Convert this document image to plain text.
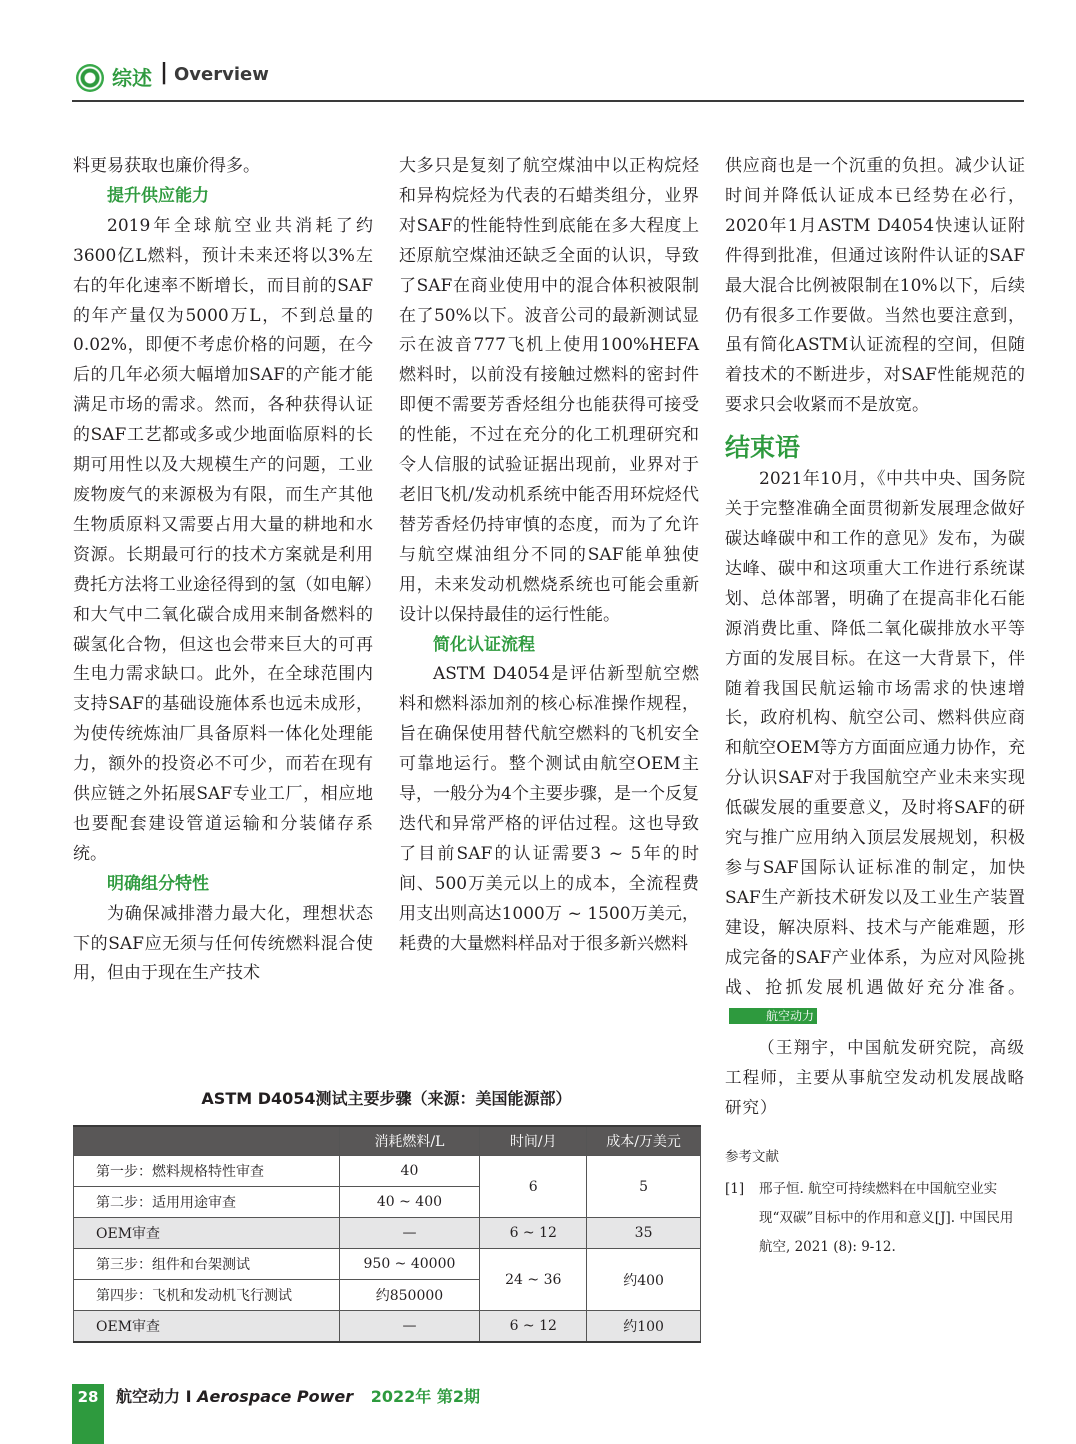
综述 | Overview

料更易获取也廉价得多。

提升供应能力

2019年全球航空业共消耗了约3600亿L燃料，预计未来还将以3%左右的年化速率不断增长，而目前的SAF的年产量仅为5000万L，不到总量的0.02%，即便不考虑价格的问题，在今后的几年必须大幅增加SAF的产能才能满足市场的需求。然而，各种获得认证的SAF工艺都或多或少地面临原料的长期可用性以及大规模生产的问题，工业废物废气的来源极为有限，而生产其他生物质原料又需要占用大量的耕地和水资源。长期最可行的技术方案就是利用费托方法将工业途径得到的氢（如电解）和大气中二氧化碳合成用来制备燃料的碳氢化合物，但这也会带来巨大的可再生电力需求缺口。此外，在全球范围内支持SAF的基础设施体系也远未成形，为使传统炼油厂具备原料一体化处理能力，额外的投资必不可少，而若在现有供应链之外拓展SAF专业工厂，相应地也要配套建设管道运输和分装储存系统。

明确组分特性

为确保减排潜力最大化，理想状态下的SAF应无须与任何传统燃料混合使用，但由于现在生产技术

大多只是复刻了航空煤油中以正构烷烃和异构烷烃为代表的石蜡类组分，业界对SAF的性能特性到底能在多大程度上还原航空煤油还缺乏全面的认识，导致了SAF在商业使用中的混合体积被限制在了50%以下。波音公司的最新测试显示在波音777飞机上使用100%HEFA燃料时，以前没有接触过燃料的密封件即便不需要芳香烃组分也能获得可接受的性能，不过在充分的化工机理研究和令人信服的试验证据出现前，业界对于老旧飞机/发动机系统中能否用环烷烃代替芳香烃仍持审慎的态度，而为了允许与航空煤油组分不同的SAF能单独使用，未来发动机燃烧系统也可能会重新设计以保持最佳的运行性能。

简化认证流程

ASTM D4054是评估新型航空燃料和燃料添加剂的核心标准操作规程，旨在确保使用替代航空燃料的飞机安全可靠地运行。整个测试由航空OEM主导，一般分为4个主要步骤，是一个反复迭代和异常严格的评估过程。这也导致了目前SAF的认证需要3 ~ 5年的时间、500万美元以上的成本，全流程费用支出则高达1000万 ~ 1500万美元，耗费的大量燃料样品对于很多新兴燃料

供应商也是一个沉重的负担。减少认证时间并降低认证成本已经势在必行，2020年1月ASTM D4054快速认证附件得到批准，但通过该附件认证的SAF最大混合比例被限制在10%以下，后续仍有很多工作要做。当然也要注意到，虽有简化ASTM认证流程的空间，但随着技术的不断进步，对SAF性能规范的要求只会收紧而不是放宽。

结束语

2021年10月，《中共中央、国务院关于完整准确全面贯彻新发展理念做好碳达峰碳中和工作的意见》发布，为碳达峰、碳中和这项重大工作进行系统谋划、总体部署，明确了在提高非化石能源消费比重、降低二氧化碳排放水平等方面的发展目标。在这一大背景下，伴随着我国民航运输市场需求的快速增长，政府机构、航空公司、燃料供应商和航空OEM等方方面面应通力协作，充分认识SAF对于我国航空产业未来实现低碳发展的重要意义，及时将SAF的研究与推广应用纳入顶层发展规划，积极参与SAF国际认证标准的制定，加快SAF生产新技术研发以及工业生产装置建设，解决原料、技术与产能难题，形成完备的SAF产业体系，为应对风险挑战、抢抓发展机遇做好充分准备。航空动力

（王翔宇，中国航发研究院，高级工程师，主要从事航空发动机发展战略研究）

参考文献
[1] 邢子恒. 航空可持续燃料在中国航空业实现“双碳”目标中的作用和意义[J]. 中国民用航空, 2021 (8): 9-12.
ASTM D4054测试主要步骤（来源：美国能源部）
	消耗燃料/L	时间/月	成本/万美元
第一步：燃料规格特性审查	40	6	5
第二步：适用用途审查	40 ~ 400		
OEM审查	—	6 ~ 12	35
第三步：组件和台架测试	950 ~ 40000	24 ~ 36	约400
第四步：飞机和发动机飞行测试	约850000		
OEM审查	—	6 ~ 12	约100
28	航空动力 I Aerospace Power 2022年 第2期
